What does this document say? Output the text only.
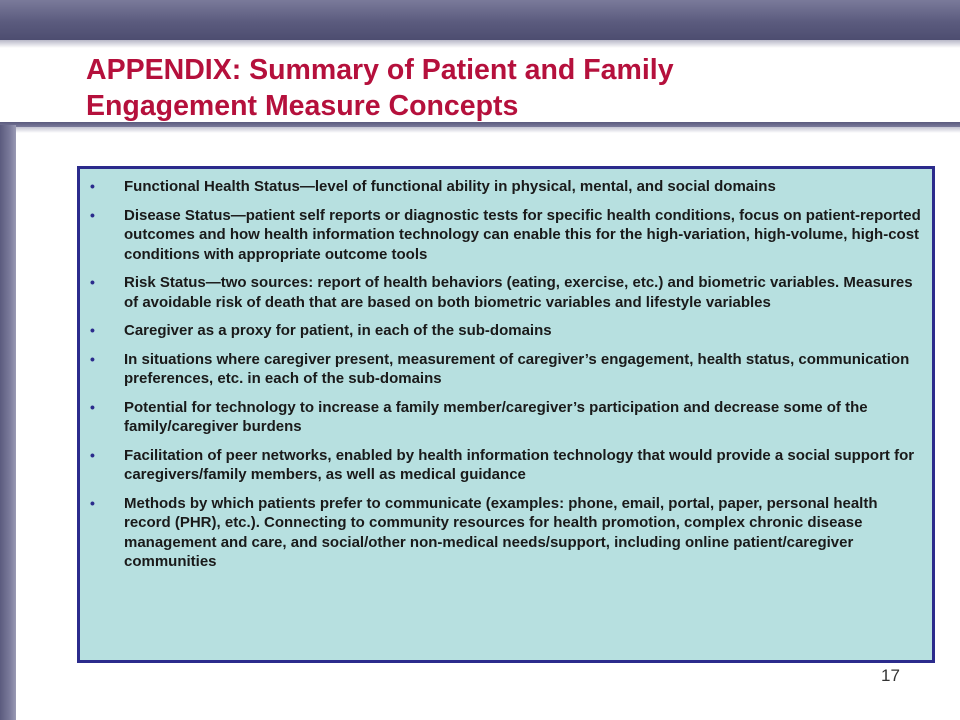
APPENDIX: Summary of Patient and Family
Engagement Measure Concepts
•	Functional Health Status—level of functional ability in physical, mental, and social domains
•	Disease Status—patient self reports or diagnostic tests for specific health conditions, focus on patient-reported outcomes and how health information technology can enable this for the high-variation, high-volume, high-cost conditions with appropriate outcome tools
•	Risk Status—two sources: report of health behaviors (eating, exercise, etc.) and biometric variables. Measures of avoidable risk of death that are based on both biometric variables and lifestyle variables
•	Caregiver as a proxy for patient, in each of the sub-domains
•	In situations where caregiver present, measurement of caregiver’s engagement, health status, communication preferences, etc. in each of the sub-domains
•	Potential for technology to increase a family member/caregiver’s participation and decrease some of the family/caregiver burdens
•	Facilitation of peer networks, enabled by health information technology that would provide a social support for caregivers/family members, as well as medical guidance
•	Methods by which patients prefer to communicate (examples: phone, email, portal, paper, personal health record (PHR), etc.). Connecting to community resources for health promotion, complex chronic disease management and care, and social/other non-medical needs/support, including online patient/caregiver communities
17
